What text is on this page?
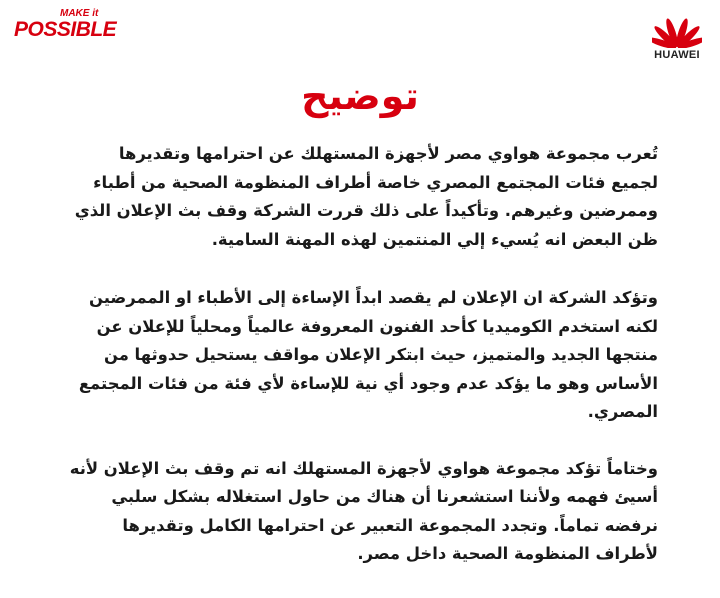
MAKE it
POSSIBLE
HUAWEI
توضيح

تُعرب مجموعة هواوي مصر لأجهزة المستهلك عن احترامها وتقديرها لجميع فئات المجتمع المصري خاصة أطراف المنظومة الصحية من أطباء وممرضين وغيرهم. وتأكيداً على ذلك قررت الشركة وقف بث الإعلان الذي ظن البعض انه يُسيء إلي المنتمين لهذه المهنة السامية.

وتؤكد الشركة ان الإعلان لم يقصد ابداً الإساءة إلى الأطباء او الممرضين لكنه استخدم الكوميديا كأحد الفنون المعروفة عالمياً ومحلياً للإعلان عن منتجها الجديد والمتميز، حيث ابتكر الإعلان مواقف يستحيل حدوثها من الأساس وهو ما يؤكد عدم وجود أي نية للإساءة لأي فئة من فئات المجتمع المصري.

وختاماً تؤكد مجموعة هواوي لأجهزة المستهلك انه تم وقف بث الإعلان لأنه أسيئ فهمه ولأننا استشعرنا أن هناك من حاول استغلاله بشكل سلبي نرفضه تماماً. وتجدد المجموعة التعبير عن احترامها الكامل وتقديرها لأطراف المنظومة الصحية داخل مصر.
